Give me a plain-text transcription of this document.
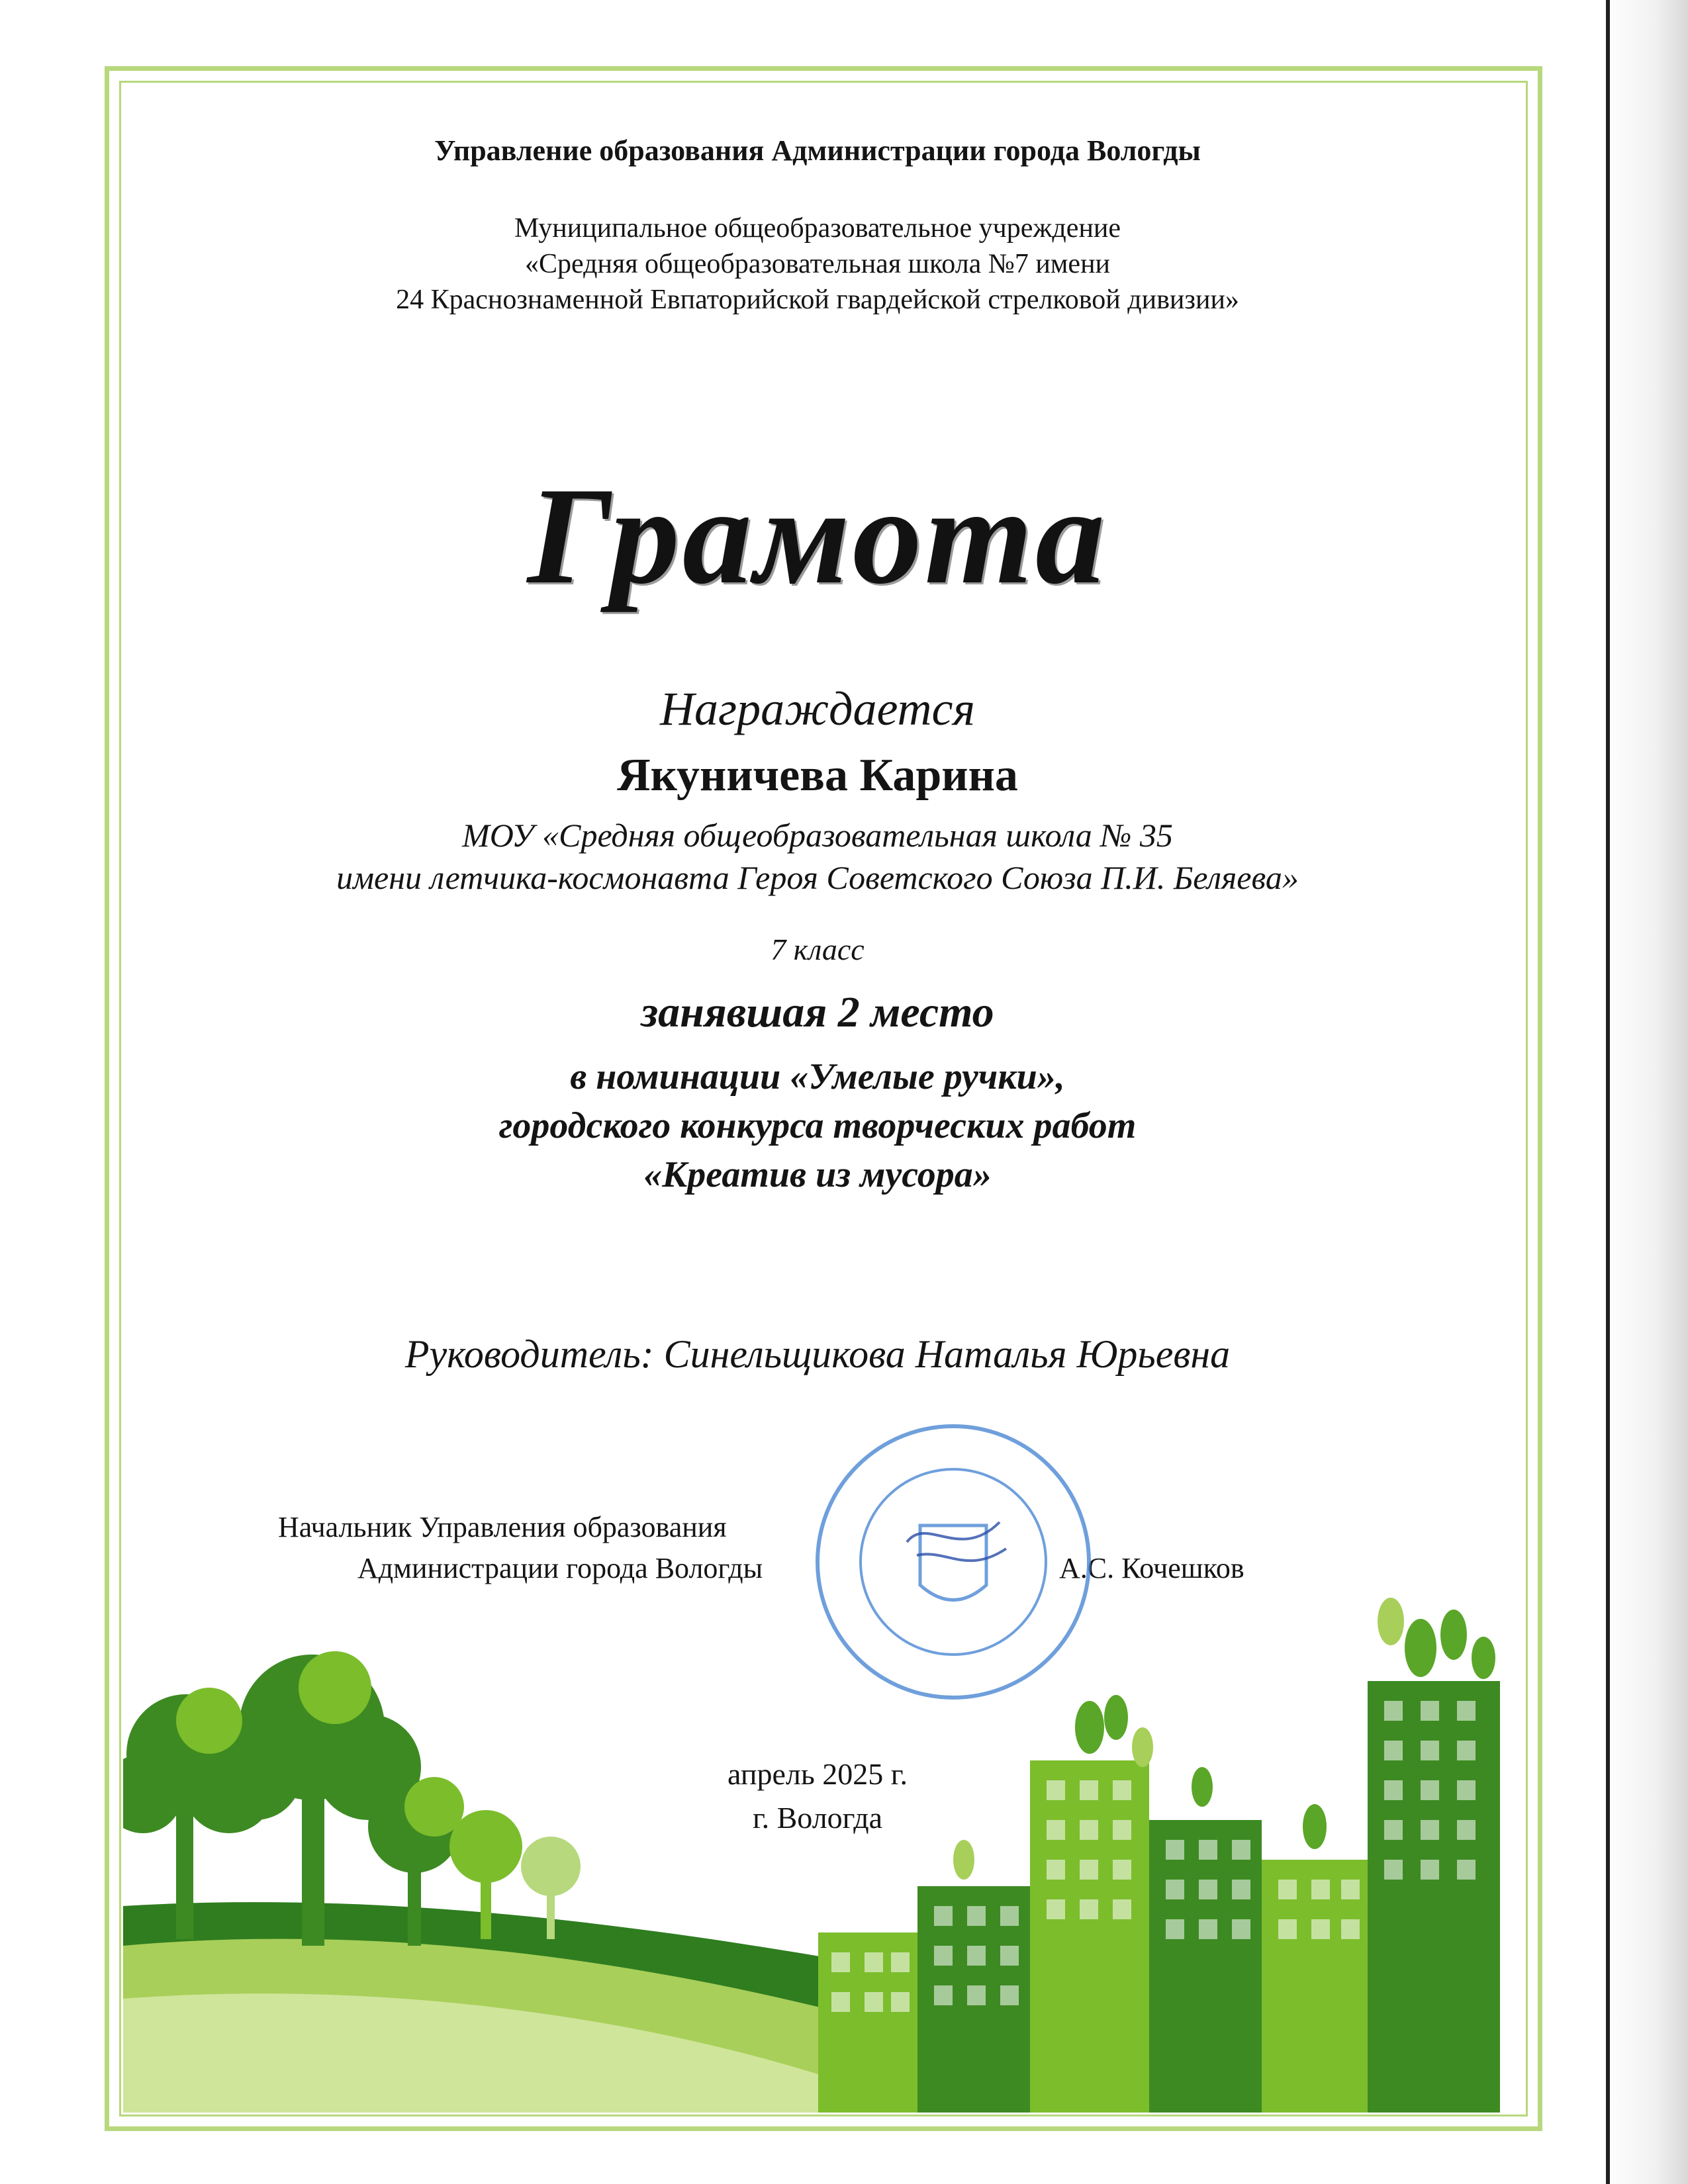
Управление образования Администрации города Вологды
Муниципальное общеобразовательное учреждение
«Средняя общеобразовательная школа №7 имени
24 Краснознаменной Евпаторийской гвардейской стрелковой дивизии»
Грамота
Награждается
Якуничева Карина
МОУ «Средняя общеобразовательная школа № 35
имени летчика-космонавта Героя Советского Союза П.И. Беляева»
7 класс
занявшая 2 место
в номинации «Умелые ручки»,
городского конкурса творческих работ
«Креатив из мусора»
Руководитель: Синельщикова Наталья Юрьевна
Начальник Управления образования
Администрации города Вологды	А.С. Кочешков
апрель 2025 г.
г. Вологда
